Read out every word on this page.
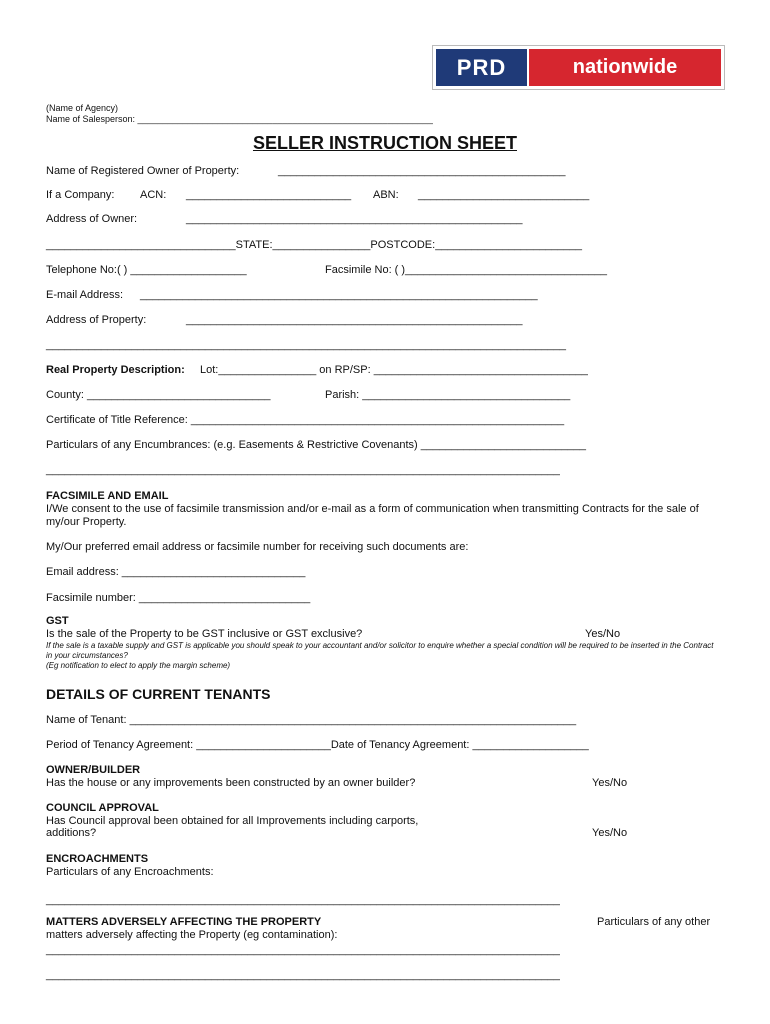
PRD	nationwide
(Name of Agency)
Name of Salesperson: ___________________________________________________________
SELLER INSTRUCTION SHEET
Name of Registered Owner of Property:	_______________________________________________
If a Company: ACN: ___________________________ ABN: ____________________________
Address of Owner:	_______________________________________________________
_______________________________STATE:________________POSTCODE:________________________
Telephone No:( ) ___________________	Facsimile No: ( )_________________________________
E-mail Address: _________________________________________________________________
Address of Property:	_______________________________________________________
_____________________________________________________________________________________
Real Property Description: Lot:________________ on RP/SP: ___________________________________
County: ______________________________	Parish: __________________________________
Certificate of Title Reference: _____________________________________________________________
Particulars of any Encumbrances: (e.g. Easements & Restrictive Covenants) ___________________________
____________________________________________________________________________________
FACSIMILE AND EMAIL
I/We consent to the use of facsimile transmission and/or e-mail as a form of communication when transmitting Contracts for the sale of my/our Property.
My/Our preferred email address or facsimile number for receiving such documents are:
Email address: ______________________________
Facsimile number: ____________________________
GST
Is the sale of the Property to be GST inclusive or GST exclusive?	Yes/No
If the sale is a taxable supply and GST is applicable you should speak to your accountant and/or solicitor to enquire whether a special condition will be required to be inserted in the Contract in your circumstances?
(Eg notification to elect to apply the margin scheme)
DETAILS OF CURRENT TENANTS
Name of Tenant: _________________________________________________________________________
Period of Tenancy Agreement: ______________________Date of Tenancy Agreement: ___________________
OWNER/BUILDER
Has the house or any improvements been constructed by an owner builder?	Yes/No
COUNCIL APPROVAL
Has Council approval been obtained for all Improvements including carports,
additions?	Yes/No
ENCROACHMENTS
Particulars of any Encroachments:
____________________________________________________________________________________
MATTERS ADVERSELY AFFECTING THE PROPERTY	Particulars of any other
matters adversely affecting the Property (eg contamination):
____________________________________________________________________________________
____________________________________________________________________________________
